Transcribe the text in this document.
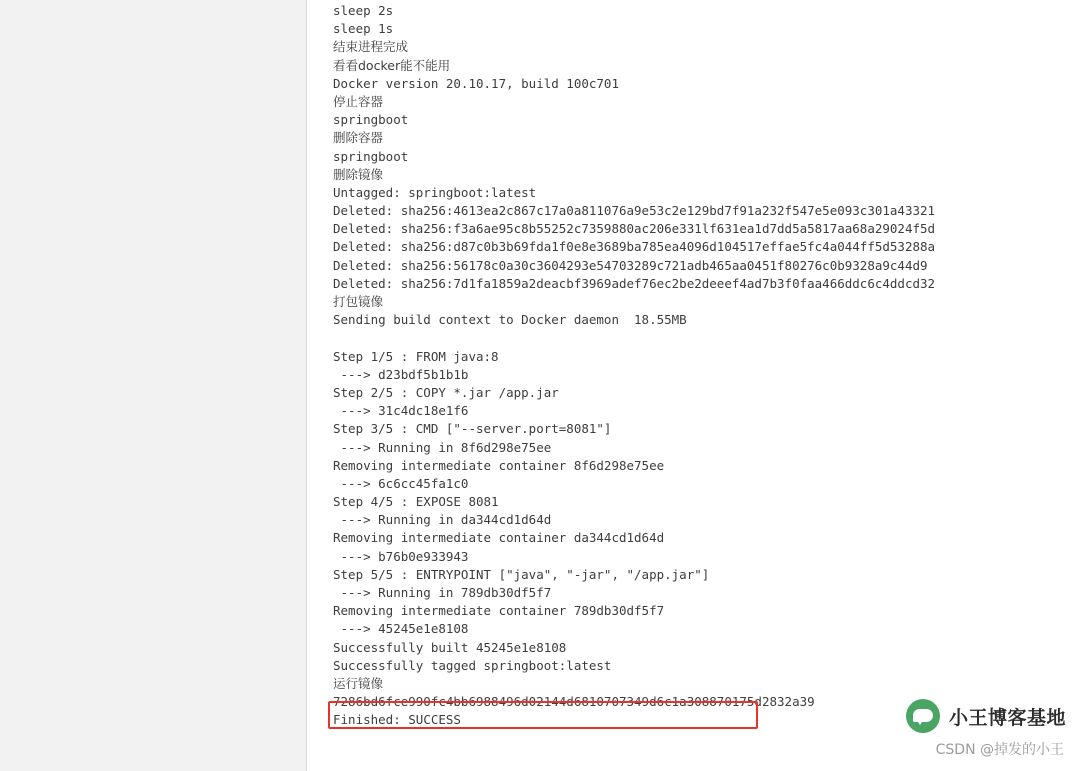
sleep 2s
sleep 1s
结束进程完成
看看docker能不能用
Docker version 20.10.17, build 100c701
停止容器
springboot
删除容器
springboot
删除镜像
Untagged: springboot:latest
Deleted: sha256:4613ea2c867c17a0a811076a9e53c2e129bd7f91a232f547e5e093c301a43321
Deleted: sha256:f3a6ae95c8b55252c7359880ac206e331lf631ea1d7dd5a5817aa68a29024f5d
Deleted: sha256:d87c0b3b69fda1f0e8e3689ba785ea4096d104517effae5fc4a044ff5d53288a
Deleted: sha256:56178c0a30c3604293e54703289c721adb465aa0451f80276c0b9328a9c44d9
Deleted: sha256:7d1fa1859a2deacbf3969adef76ec2be2deeef4ad7b3f0faa466ddc6c4ddcd32
打包镜像
Sending build context to Docker daemon  18.55MB
Step 1/5 : FROM java:8
---> d23bdf5b1b1b
Step 2/5 : COPY *.jar /app.jar
---> 31c4dc18e1f6
Step 3/5 : CMD ["--server.port=8081"]
---> Running in 8f6d298e75ee
Removing intermediate container 8f6d298e75ee
---> 6c6cc45fa1c0
Step 4/5 : EXPOSE 8081
---> Running in da344cd1d64d
Removing intermediate container da344cd1d64d
---> b76b0e933943
Step 5/5 : ENTRYPOINT ["java", "-jar", "/app.jar"]
---> Running in 789db30df5f7
Removing intermediate container 789db30df5f7
---> 45245e1e8108
Successfully built 45245e1e8108
Successfully tagged springboot:latest
运行镜像
7286bd6fce990fc4bb6988496d02144d6810707349d6c1a308870175d2832a39
Finished: SUCCESS	小王博客基地
CSDN @掉发的小王
